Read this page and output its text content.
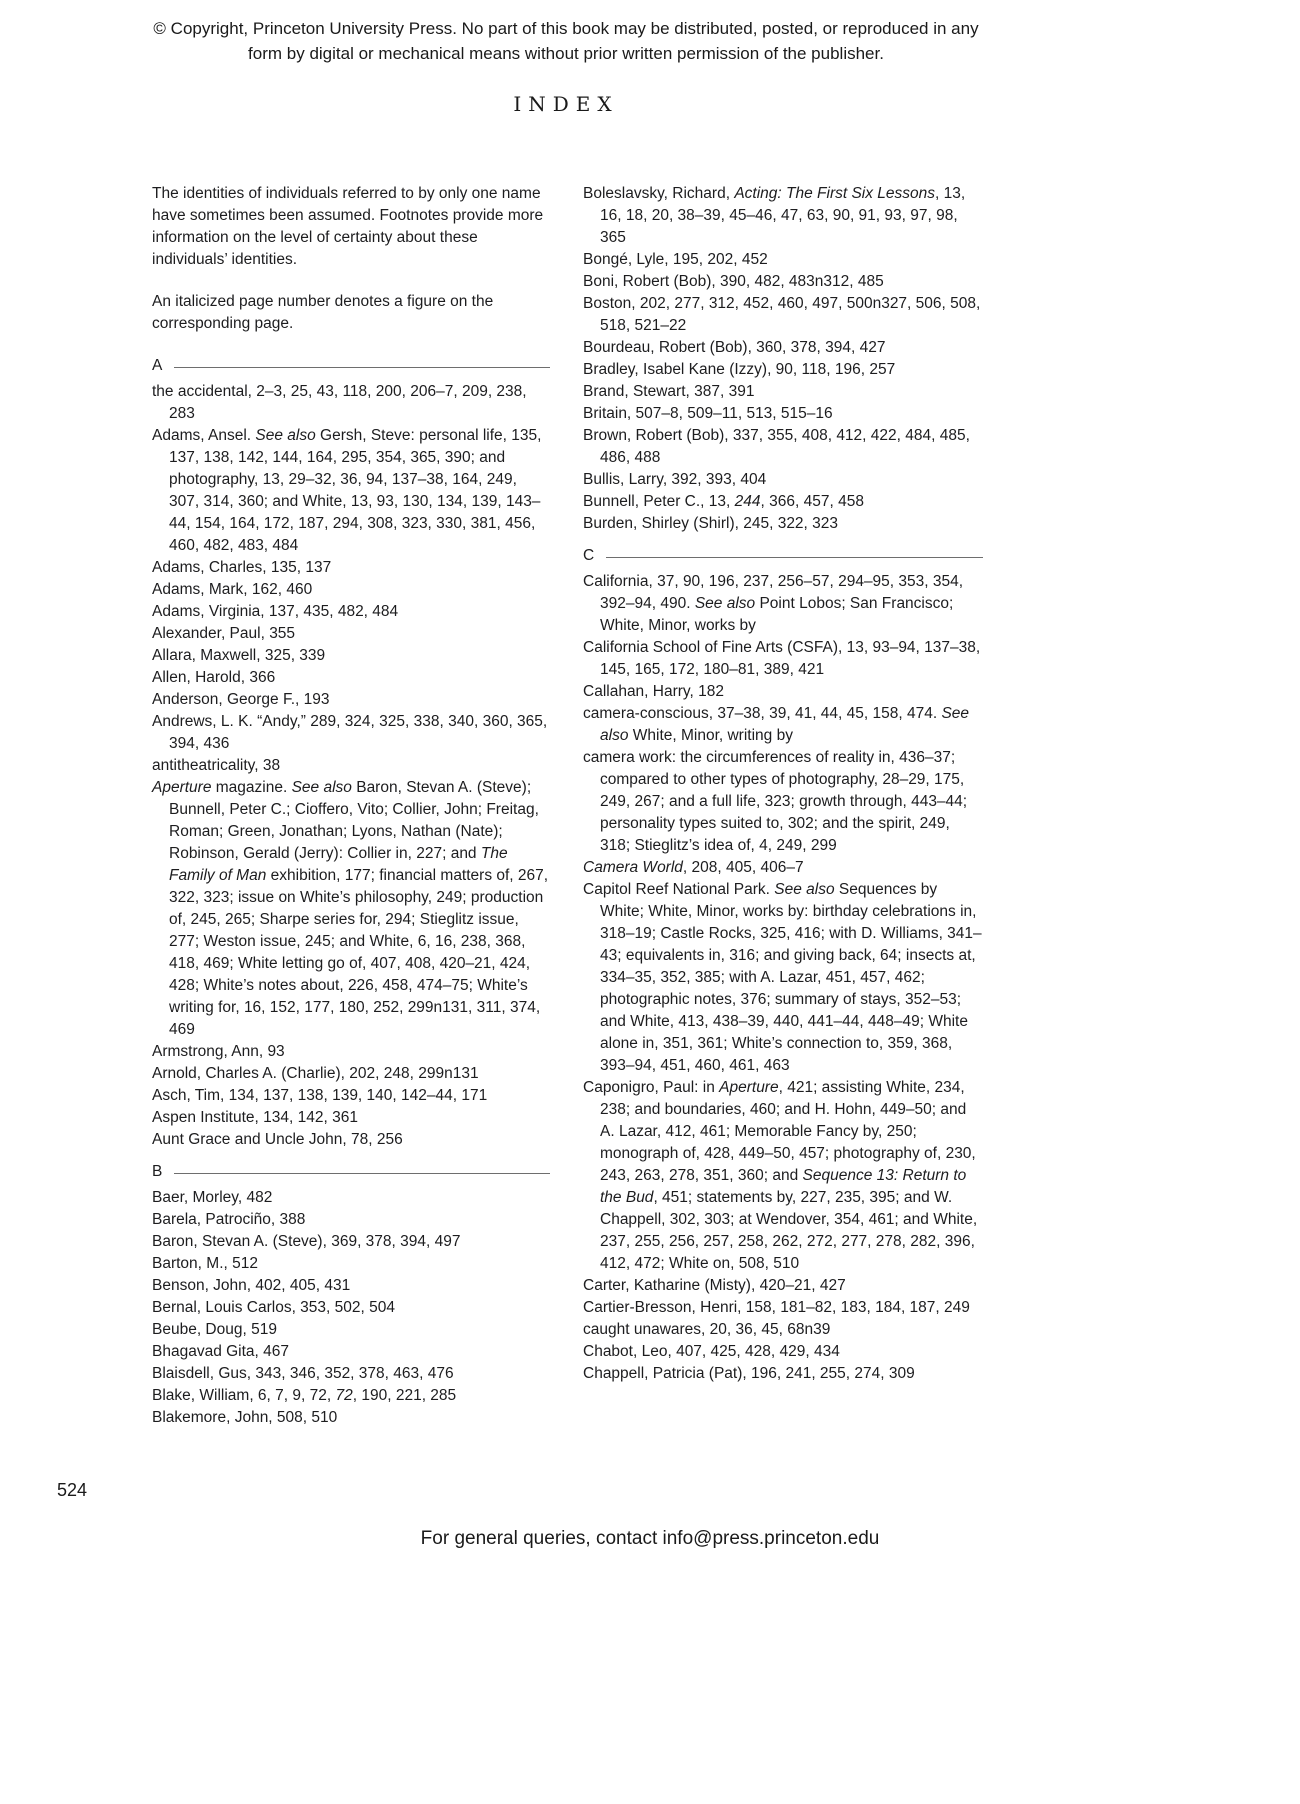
© Copyright, Princeton University Press. No part of this book may be distributed, posted, or reproduced in any form by digital or mechanical means without prior written permission of the publisher.
INDEX

The identities of individuals referred to by only one name have sometimes been assumed. Footnotes provide more information on the level of certainty about these individuals’ identities.

An italicized page number denotes a figure on the corresponding page.

A
the accidental, 2–3, 25, 43, 118, 200, 206–7, 209, 238, 283
Adams, Ansel. See also Gersh, Steve: personal life, 135, 137, 138, 142, 144, 164, 295, 354, 365, 390; and photography, 13, 29–32, 36, 94, 137–38, 164, 249, 307, 314, 360; and White, 13, 93, 130, 134, 139, 143–44, 154, 164, 172, 187, 294, 308, 323, 330, 381, 456, 460, 482, 483, 484
Adams, Charles, 135, 137
Adams, Mark, 162, 460
Adams, Virginia, 137, 435, 482, 484
Alexander, Paul, 355
Allara, Maxwell, 325, 339
Allen, Harold, 366
Anderson, George F., 193
Andrews, L. K. “Andy,” 289, 324, 325, 338, 340, 360, 365, 394, 436
antitheatricality, 38
Aperture magazine. See also Baron, Stevan A. (Steve); Bunnell, Peter C.; Cioffero, Vito; Collier, John; Freitag, Roman; Green, Jonathan; Lyons, Nathan (Nate); Robinson, Gerald (Jerry): Collier in, 227; and The Family of Man exhibition, 177; financial matters of, 267, 322, 323; issue on White’s philosophy, 249; production of, 245, 265; Sharpe series for, 294; Stieglitz issue, 277; Weston issue, 245; and White, 6, 16, 238, 368, 418, 469; White letting go of, 407, 408, 420–21, 424, 428; White’s notes about, 226, 458, 474–75; White’s writing for, 16, 152, 177, 180, 252, 299n131, 311, 374, 469
Armstrong, Ann, 93
Arnold, Charles A. (Charlie), 202, 248, 299n131
Asch, Tim, 134, 137, 138, 139, 140, 142–44, 171
Aspen Institute, 134, 142, 361
Aunt Grace and Uncle John, 78, 256
B
Baer, Morley, 482
Barela, Patrociño, 388
Baron, Stevan A. (Steve), 369, 378, 394, 497
Barton, M., 512
Benson, John, 402, 405, 431
Bernal, Louis Carlos, 353, 502, 504
Beube, Doug, 519
Bhagavad Gita, 467
Blaisdell, Gus, 343, 346, 352, 378, 463, 476
Blake, William, 6, 7, 9, 72, 72, 190, 221, 285
Blakemore, John, 508, 510
Boleslavsky, Richard, Acting: The First Six Lessons, 13, 16, 18, 20, 38–39, 45–46, 47, 63, 90, 91, 93, 97, 98, 365
Bongé, Lyle, 195, 202, 452
Boni, Robert (Bob), 390, 482, 483n312, 485
Boston, 202, 277, 312, 452, 460, 497, 500n327, 506, 508, 518, 521–22
Bourdeau, Robert (Bob), 360, 378, 394, 427
Bradley, Isabel Kane (Izzy), 90, 118, 196, 257
Brand, Stewart, 387, 391
Britain, 507–8, 509–11, 513, 515–16
Brown, Robert (Bob), 337, 355, 408, 412, 422, 484, 485, 486, 488
Bullis, Larry, 392, 393, 404
Bunnell, Peter C., 13, 244, 366, 457, 458
Burden, Shirley (Shirl), 245, 322, 323
C
California, 37, 90, 196, 237, 256–57, 294–95, 353, 354, 392–94, 490. See also Point Lobos; San Francisco; White, Minor, works by
California School of Fine Arts (CSFA), 13, 93–94, 137–38, 145, 165, 172, 180–81, 389, 421
Callahan, Harry, 182
camera-conscious, 37–38, 39, 41, 44, 45, 158, 474. See also White, Minor, writing by
camera work: the circumferences of reality in, 436–37; compared to other types of photography, 28–29, 175, 249, 267; and a full life, 323; growth through, 443–44; personality types suited to, 302; and the spirit, 249, 318; Stieglitz’s idea of, 4, 249, 299
Camera World, 208, 405, 406–7
Capitol Reef National Park. See also Sequences by White; White, Minor, works by: birthday celebrations in, 318–19; Castle Rocks, 325, 416; with D. Williams, 341–43; equivalents in, 316; and giving back, 64; insects at, 334–35, 352, 385; with A. Lazar, 451, 457, 462; photographic notes, 376; summary of stays, 352–53; and White, 413, 438–39, 440, 441–44, 448–49; White alone in, 351, 361; White’s connection to, 359, 368, 393–94, 451, 460, 461, 463
Caponigro, Paul: in Aperture, 421; assisting White, 234, 238; and boundaries, 460; and H. Hohn, 449–50; and A. Lazar, 412, 461; Memorable Fancy by, 250; monograph of, 428, 449–50, 457; photography of, 230, 243, 263, 278, 351, 360; and Sequence 13: Return to the Bud, 451; statements by, 227, 235, 395; and W. Chappell, 302, 303; at Wendover, 354, 461; and White, 237, 255, 256, 257, 258, 262, 272, 277, 278, 282, 396, 412, 472; White on, 508, 510
Carter, Katharine (Misty), 420–21, 427
Cartier-Bresson, Henri, 158, 181–82, 183, 184, 187, 249
caught unawares, 20, 36, 45, 68n39
Chabot, Leo, 407, 425, 428, 429, 434
Chappell, Patricia (Pat), 196, 241, 255, 274, 309
524
For general queries, contact info@press.princeton.edu
